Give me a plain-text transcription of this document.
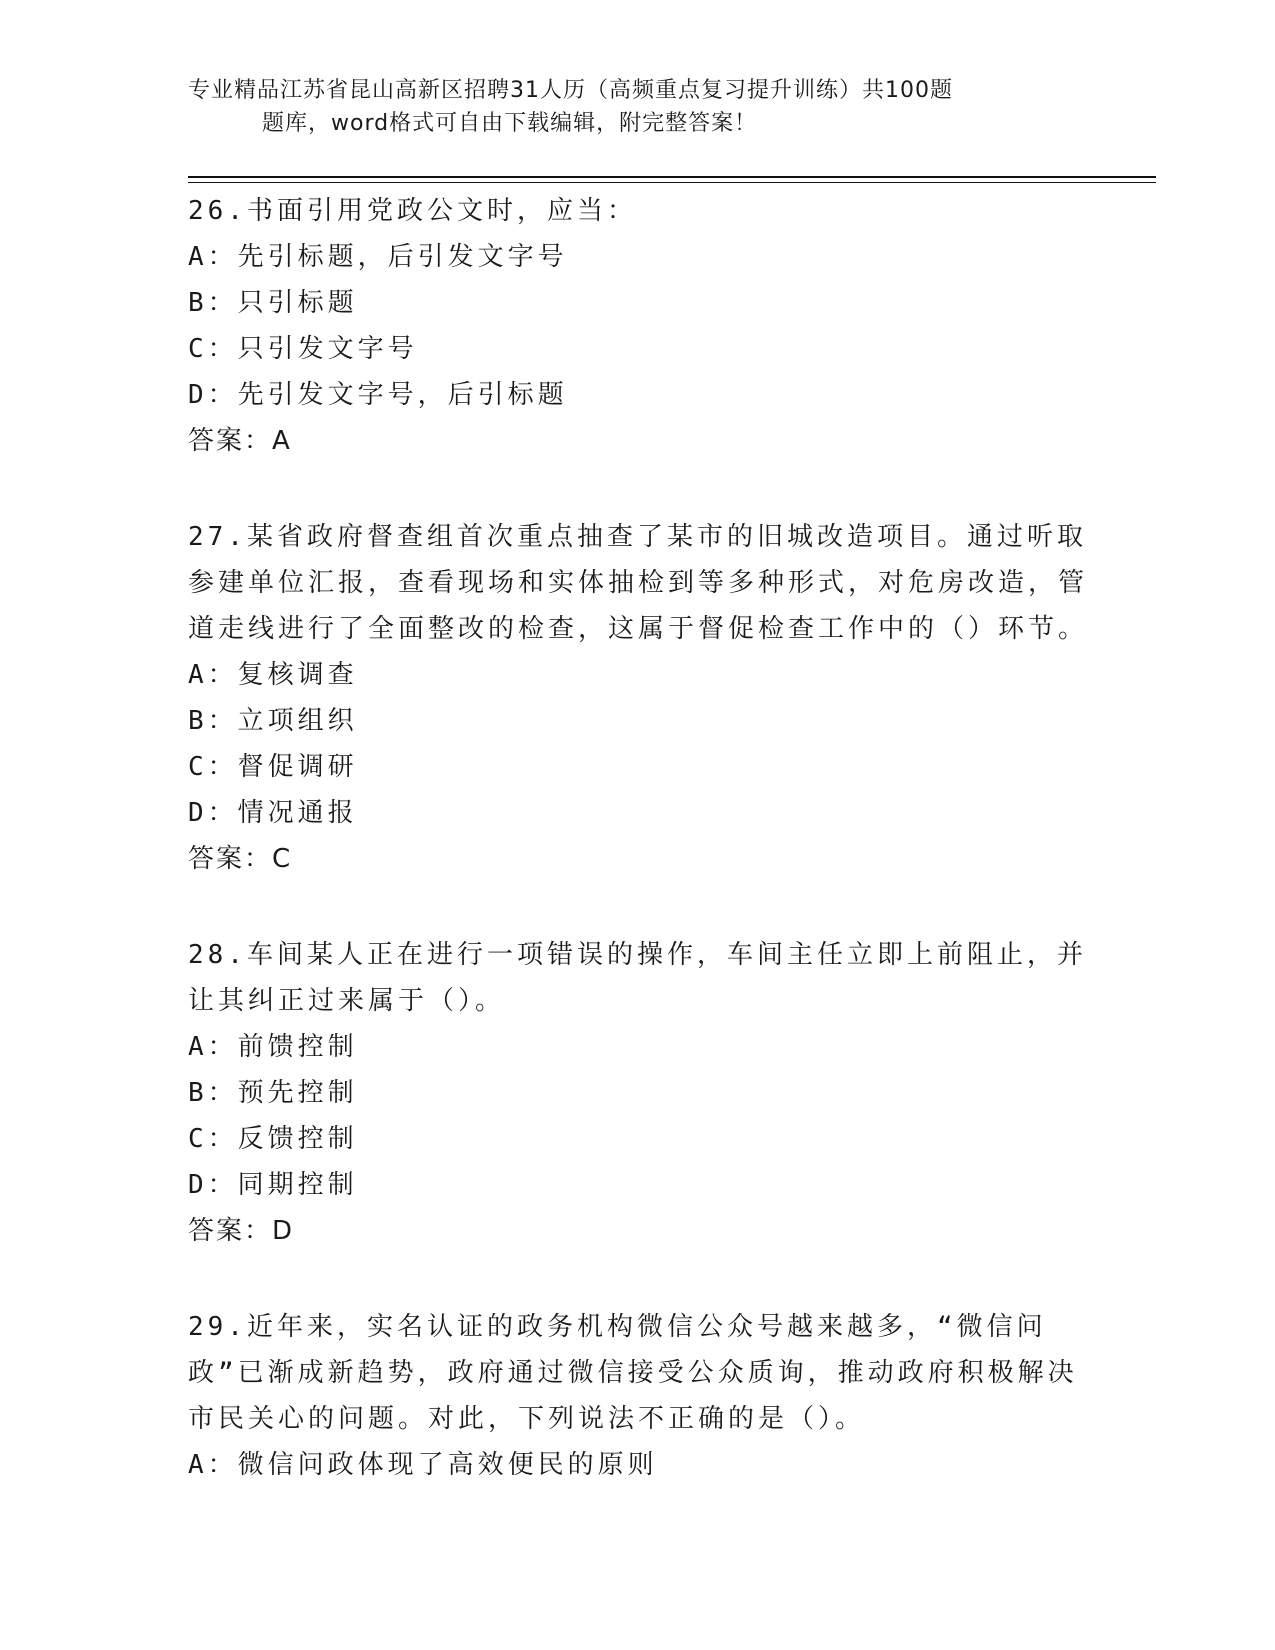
专业精品江苏省昆山高新区招聘31人历（高频重点复习提升训练）共100题
题库，word格式可自由下载编辑，附完整答案！
26.书面引用党政公文时，应当：
A：先引标题，后引发文字号
B：只引标题
C：只引发文字号
D：先引发文字号，后引标题
答案：A
27.某省政府督查组首次重点抽查了某市的旧城改造项目。通过听取参建单位汇报，查看现场和实体抽检到等多种形式，对危房改造，管道走线进行了全面整改的检查，这属于督促检查工作中的（）环节。
A：复核调查
B：立项组织
C：督促调研
D：情况通报
答案：C
28.车间某人正在进行一项错误的操作，车间主任立即上前阻止，并让其纠正过来属于（）。
A：前馈控制
B：预先控制
C：反馈控制
D：同期控制
答案：D
29.近年来，实名认证的政务机构微信公众号越来越多，“微信问政”已渐成新趋势，政府通过微信接受公众质询，推动政府积极解决市民关心的问题。对此，下列说法不正确的是（）。
A：微信问政体现了高效便民的原则
